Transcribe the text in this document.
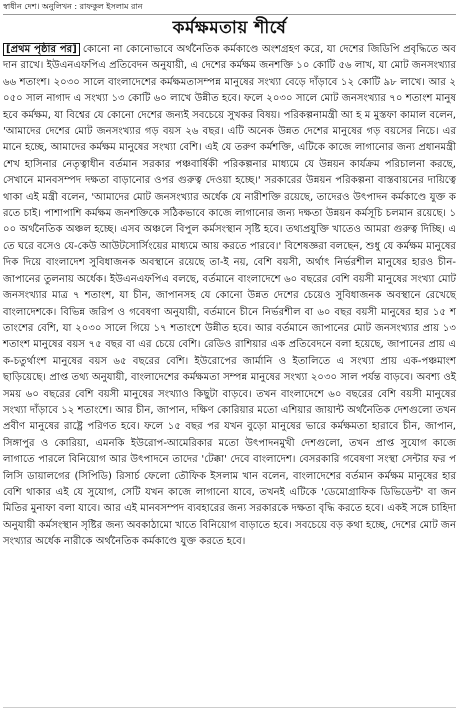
স্বাধীন দেশ। অনুলিখন : রাফকুল ইসলাম রান
কর্মক্ষমতায় শীর্ষে

[প্রথম পৃষ্ঠার পর] কোনো না কোনোভাবে অর্থনৈতিক কর্মকাণ্ডে অংশগ্রহণ করে, যা দেশের জিডিপি প্রবৃদ্ধিতে অবদান রাখে। ইউএনএফপিএ প্রতিবেদন অনুযায়ী, এ দেশের কর্মক্ষম জনশক্তি ১০ কোটি ৫৬ লাখ, যা মোট জনসংখ্যার ৬৬ শতাংশ। ২০৩০ সালে বাংলাদেশের কর্মক্ষমতাসম্পন্ন মানুষের সংখ্যা বেড়ে দাঁড়াবে ১২ কোটি ৯৮ লাখে। আর ২০৫০ সাল নাগাদ এ সংখ্যা ১৩ কোটি ৬০ লাখে উন্নীত হবে। ফলে ২০৩০ সালে মোট জনসংখ্যার ৭০ শতাংশ মানুষ হবে কর্মক্ষম, যা বিশ্বের যে কোনো দেশের জন্যই সবচেয়ে সুখকর বিষয়। পরিকল্পনামন্ত্রী আ হ ম মুস্তফা কামাল বলেন, 'আমাদের দেশের মোট জনসংখ্যার গড় বয়স ২৬ বছর। এটি অনেক উন্নত দেশের মানুষের গড় বয়সের নিচে। এর মানে হচ্ছে, আমাদের কর্মক্ষম মানুষের সংখ্যা বেশি। এই যে তরুণ কর্মশক্তি, এটিকে কাজে লাগানোর জন্য প্রধানমন্ত্রী শেখ হাসিনার নেতৃত্বাধীন বর্তমান সরকার পঞ্চবার্ষিকী পরিকল্পনার মাধ্যমে যে উন্নয়ন কার্যক্রম পরিচালনা করছে, সেখানে মানবসম্পদ দক্ষতা বাড়ানোর ওপর গুরুত্ব দেওয়া হচ্ছে।' সরকারের উন্নয়ন পরিকল্পনা বাস্তবায়নের দায়িত্বে থাকা এই মন্ত্রী বলেন, 'আমাদের মোট জনসংখ্যার অর্ধেক যে নারীশক্তি রয়েছে, তাদেরও উৎপাদন কর্মকাণ্ডে যুক্ত করতে চাই। পাশাপাশি কর্মক্ষম জনশক্তিকে সঠিকভাবে কাজে লাগানোর জন্য দক্ষতা উন্নয়ন কর্মসূচি চলমান রয়েছে। ১০০ অর্থনৈতিক অঞ্চল হচ্ছে। এসব অঞ্চলে বিপুল কর্মসংস্থান সৃষ্টি হবে। তথ্যপ্রযুক্তি খাতেও আমরা গুরুত্ব দিচ্ছি। এতে ঘরে বসেও যে-কেউ আউটসোর্সিংয়ের মাধ্যমে আয় করতে পারবে।' বিশেষজ্ঞরা বলছেন, শুধু যে কর্মক্ষম মানুষের দিক দিয়ে বাংলাদেশ সুবিধাজনক অবস্থানে রয়েছে তা-ই নয়, বেশি বয়সী, অর্থাৎ নির্ভরশীল মানুষের হারও চীন-জাপানের তুলনায় অর্ধেক। ইউএনএফপিএ বলছে, বর্তমানে বাংলাদেশে ৬০ বছরের বেশি বয়সী মানুষের সংখ্যা মোট জনসংখ্যার মাত্র ৭ শতাংশ, যা চীন, জাপানসহ যে কোনো উন্নত দেশের চেয়েও সুবিধাজনক অবস্থানে রেখেছে বাংলাদেশকে। বিভিন্ন জরিপ ও গবেষণা অনুযায়ী, বর্তমানে চীনে নির্ভরশীল বা ৬০ বছর বয়সী মানুষের হার ১৫ শতাংশের বেশি, যা ২০৩০ সালে গিয়ে ১৭ শতাংশে উন্নীত হবে। আর বর্তমানে জাপানের মোট জনসংখ্যার প্রায় ১৩ শতাংশ মানুষের বয়স ৭৫ বছর বা এর চেয়ে বেশি। রেডিও রাশিয়ার এক প্রতিবেদনে বলা হয়েছে, জাপানের প্রায় এক-চতুর্থাংশ মানুষের বয়স ৬৫ বছরের বেশি। ইউরোপের জার্মানি ও ইতালিতে এ সংখ্যা প্রায় এক-পঞ্চমাংশ ছাড়িয়েছে। প্রাপ্ত তথ্য অনুযায়ী, বাংলাদেশের কর্মক্ষমতা সম্পন্ন মানুষের সংখ্যা ২০৩০ সাল পর্যন্ত বাড়বে। অবশ্য ওই সময় ৬০ বছরের বেশি বয়সী মানুষের সংখ্যাও কিছুটা বাড়বে। তখন বাংলাদেশে ৬০ বছরের বেশি বয়সী মানুষের সংখ্যা দাঁড়াবে ১২ শতাংশে। আর চীন, জাপান, দক্ষিণ কোরিয়ার মতো এশিয়ার জায়ান্ট অর্থনৈতিক দেশগুলো তখন প্রবীণ মানুষের রাষ্ট্রে পরিণত হবে। ফলে ১৫ বছর পর যখন বুড়ো মানুষের ভারে কর্মক্ষমতা হারাবে চীন, জাপান, সিঙ্গাপুর ও কোরিয়া, এমনকি ইউরোপ-আমেরিকার মতো উৎপাদনমুখী দেশগুলো, তখন প্রাপ্ত সুযোগ কাজে লাগাতে পারলে বিনিয়োগ আর উৎপাদনে তাদের 'টেক্কা' দেবে বাংলাদেশ। বেসরকারি গবেষণা সংস্থা সেন্টার ফর পলিসি ডায়ালগের (সিপিডি) রিসার্চ ফেলো তৌফিক ইসলাম খান বলেন, বাংলাদেশের বর্তমান কর্মক্ষম মানুষের হার বেশি থাকার এই যে সুযোগ, সেটি যখন কাজে লাগানো যাবে, তখনই এটিকে 'ডেমোগ্রাফিক ডিভিডেন্ট' বা জনমিতির মুনাফা বলা যাবে। আর এই মানবসম্পদ ব্যবহারের জন্য সরকারকে দক্ষতা বৃদ্ধি করতে হবে। একই সঙ্গে চাহিদা অনুযায়ী কর্মসংস্থান সৃষ্টির জন্য অবকাঠামো খাতে বিনিয়োগ বাড়াতে হবে। সবচেয়ে বড় কথা হচ্ছে, দেশের মোট জনসংখ্যার অর্ধেক নারীকে অর্থনৈতিক কর্মকাণ্ডে যুক্ত করতে হবে।
